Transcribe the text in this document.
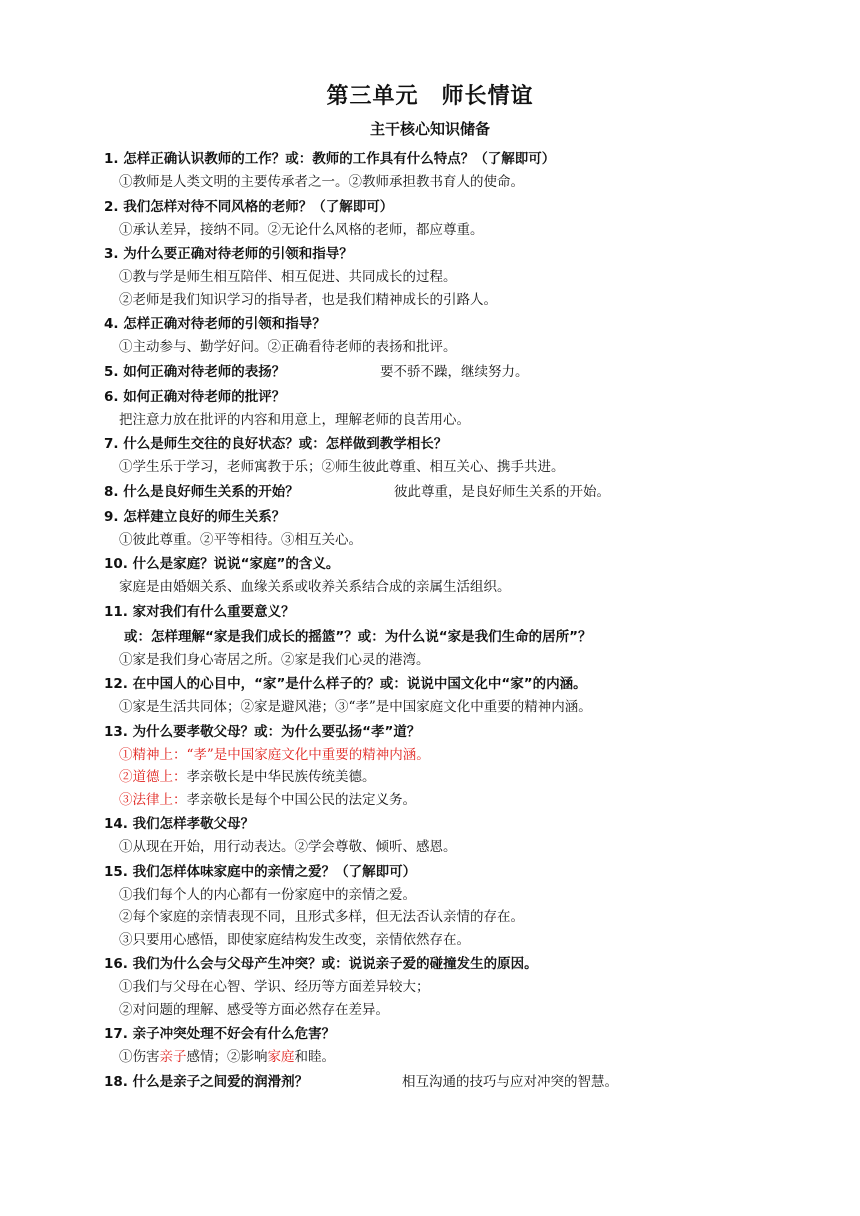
第三单元　师长情谊
主干核心知识储备
1. 怎样正确认识教师的工作？或：教师的工作具有什么特点？（了解即可）
①教师是人类文明的主要传承者之一。②教师承担教书育人的使命。
2. 我们怎样对待不同风格的老师？（了解即可）
①承认差异，接纳不同。②无论什么风格的老师，都应尊重。
3. 为什么要正确对待老师的引领和指导？
①教与学是师生相互陪伴、相互促进、共同成长的过程。
②老师是我们知识学习的指导者，也是我们精神成长的引路人。
4. 怎样正确对待老师的引领和指导？
①主动参与、勤学好问。②正确看待老师的表扬和批评。
5. 如何正确对待老师的表扬？	要不骄不躁，继续努力。
6. 如何正确对待老师的批评？
把注意力放在批评的内容和用意上，理解老师的良苦用心。
7. 什么是师生交往的良好状态？或：怎样做到教学相长？
①学生乐于学习，老师寓教于乐；②师生彼此尊重、相互关心、携手共进。
8. 什么是良好师生关系的开始？	彼此尊重，是良好师生关系的开始。
9. 怎样建立良好的师生关系？
①彼此尊重。②平等相待。③相互关心。
10. 什么是家庭？说说“家庭”的含义。
家庭是由婚姻关系、血缘关系或收养关系结合成的亲属生活组织。
11. 家对我们有什么重要意义？
或：怎样理解“家是我们成长的摇篮”？或：为什么说“家是我们生命的居所”？
①家是我们身心寄居之所。②家是我们心灵的港湾。
12. 在中国人的心目中，“家”是什么样子的？或：说说中国文化中“家”的内涵。
①家是生活共同体；②家是避风港；③“孝”是中国家庭文化中重要的精神内涵。
13. 为什么要孝敬父母？或：为什么要弘扬“孝”道？
①精神上：“孝”是中国家庭文化中重要的精神内涵。
②道德上：孝亲敬长是中华民族传统美德。
③法律上：孝亲敬长是每个中国公民的法定义务。
14. 我们怎样孝敬父母？
①从现在开始，用行动表达。②学会尊敬、倾听、感恩。
15. 我们怎样体味家庭中的亲情之爱？（了解即可）
①我们每个人的内心都有一份家庭中的亲情之爱。
②每个家庭的亲情表现不同，且形式多样，但无法否认亲情的存在。
③只要用心感悟，即使家庭结构发生改变，亲情依然存在。
16. 我们为什么会与父母产生冲突？或：说说亲子爱的碰撞发生的原因。
①我们与父母在心智、学识、经历等方面差异较大；
②对问题的理解、感受等方面必然存在差异。
17. 亲子冲突处理不好会有什么危害？
①伤害亲子感情；②影响家庭和睦。
18. 什么是亲子之间爱的润滑剂？	相互沟通的技巧与应对冲突的智慧。
